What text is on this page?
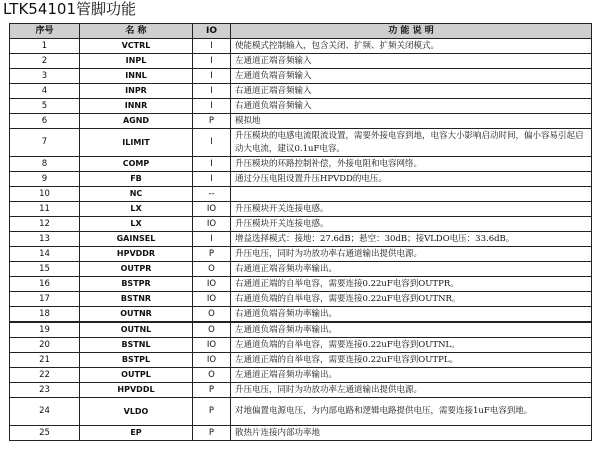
LTK54101管脚功能
序号	名 称	IO	功 能 说 明
1	VCTRL	I	使能模式控制输入，包含关闭、扩频、扩频关闭模式。
2	INPL	I	左通道正端音频输入
3	INNL	I	左通道负端音频输入
4	INPR	I	右通道正端音频输入
5	INNR	I	右通道负端音频输入
6	AGND	P	模拟地
7	ILIMIT	I	升压模块的电感电流限流设置，需要外接电容到地，电容大小影响启动时间，偏小容易引起启动大电流，建议0.1uF电容。
8	COMP	I	升压模块的环路控制补偿，外接电阻和电容网络。
9	FB	I	通过分压电阻设置升压HPVDD的电压。
10	NC	--	
11	LX	IO	升压模块开关连接电感。
12	LX	IO	升压模块开关连接电感。
13	GAINSEL	I	增益选择模式：接地：27.6dB；悬空：30dB；接VLDO电压：33.6dB。
14	HPVDDR	P	升压电压，同时为功放功率右通道输出提供电源。
15	OUTPR	O	右通道正端音频功率输出。
16	BSTPR	IO	右通道正端的自举电容，需要连接0.22uF电容到OUTPR。
17	BSTNR	IO	右通道负端的自举电容，需要连接0.22uF电容到OUTNR。
18	OUTNR	O	右通道负端音频功率输出。
19	OUTNL	O	左通道负端音频功率输出。
20	BSTNL	IO	左通道负端的自举电容，需要连接0.22uF电容到OUTNL。
21	BSTPL	IO	左通道正端的自举电容，需要连接0.22uF电容到OUTPL。
22	OUTPL	O	左通道正端音频功率输出。
23	HPVDDL	P	升压电压，同时为功放功率左通道输出提供电源。
24	VLDO	P	对地偏置电源电压，为内部电路和逻辑电路提供电压，需要连接1uF电容到地。
25	EP	P	散热片连接内部功率地
